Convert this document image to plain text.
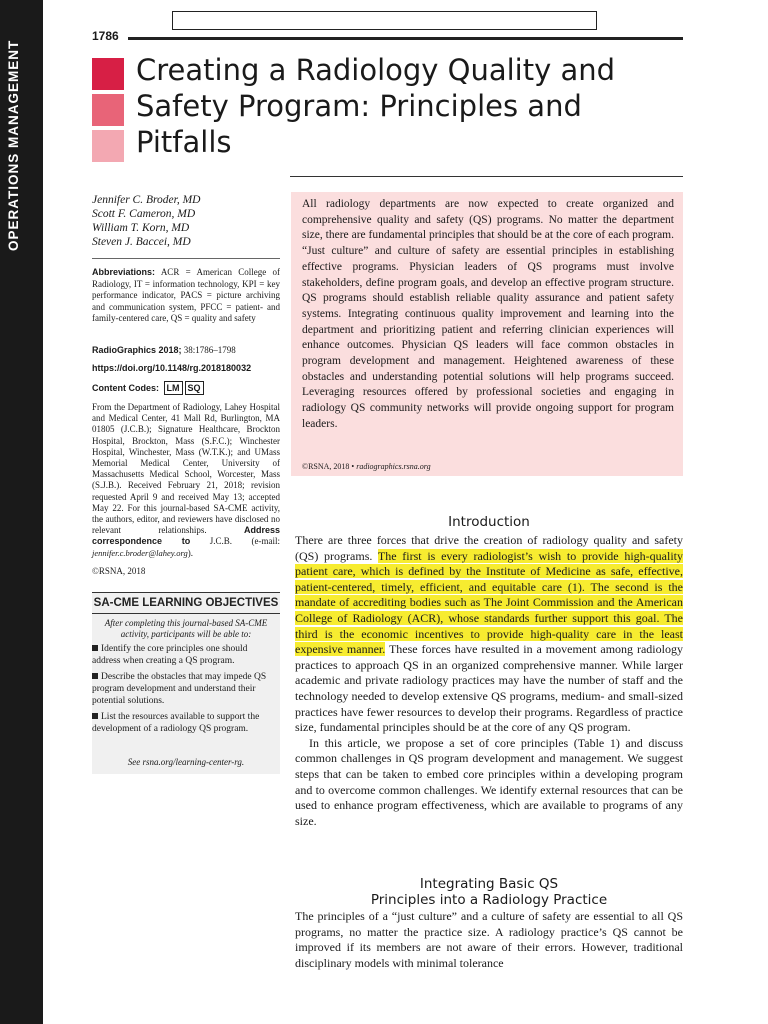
OPERATIONS MANAGEMENT
1786
Creating a Radiology Quality and Safety Program: Principles and Pitfalls
Jennifer C. Broder, MD
Scott F. Cameron, MD
William T. Korn, MD
Steven J. Baccei, MD
Abbreviations: ACR = American College of Radiology, IT = information technology, KPI = key performance indicator, PACS = picture archiving and communication system, PFCC = patient- and family-centered care, QS = quality and safety
RadioGraphics 2018; 38:1786–1798
https://doi.org/10.1148/rg.2018180032
Content Codes: LM SQ
From the Department of Radiology, Lahey Hospital and Medical Center, 41 Mall Rd, Burlington, MA 01805 (J.C.B.); Signature Healthcare, Brockton Hospital, Brockton, Mass (S.F.C.); Winchester Hospital, Winchester, Mass (W.T.K.); and UMass Memorial Medical Center, University of Massachusetts Medical School, Worcester, Mass (S.J.B.). Received February 21, 2018; revision requested April 9 and received May 13; accepted May 22. For this journal-based SA-CME activity, the authors, editor, and reviewers have disclosed no relevant relationships.	Address correspondence to J.C.B. (e-mail: jennifer.c.broder@lahey.org).
©RSNA, 2018
SA-CME LEARNING OBJECTIVES
After completing this journal-based SA-CME activity, participants will be able to:
Identify the core principles one should address when creating a QS program.
Describe the obstacles that may impede QS program development and understand their potential solutions.
List the resources available to support the development of a radiology QS program.
See rsna.org/learning-center-rg.

All radiology departments are now expected to create organized and comprehensive quality and safety (QS) programs. No matter the department size, there are fundamental principles that should be at the core of each program. “Just culture” and culture of safety are essential principles in establishing effective programs. Physician leaders of QS programs must involve stakeholders, define program goals, and develop an effective program structure. QS programs should establish reliable quality assurance and patient safety systems. Integrating continuous quality improvement and learning into the department and prioritizing patient and referring clinician experiences will enhance outcomes. Physician QS leaders will face common obstacles in program development and management. Heightened awareness of these obstacles and understanding potential solutions will help programs succeed. Leveraging resources offered by professional societies and engaging in radiology QS community networks will provide ongoing support for program leaders.

©RSNA, 2018 • radiographics.rsna.org
Introduction

There are three forces that drive the creation of radiology quality and safety (QS) programs. The first is every radiologist’s wish to provide high-quality patient care, which is defined by the Institute of Medicine as safe, effective, patient-centered, timely, efficient, and equitable care (1). The second is the mandate of accrediting bodies such as The Joint Commission and the American College of Radiology (ACR), whose standards further support this goal. The third is the economic incentives to provide high-quality care in the least expensive manner. These forces have resulted in a movement among radiology practices to approach QS in an organized comprehensive manner. While larger academic and private radiology practices may have the number of staff and the technology needed to develop extensive QS programs, medium- and small-sized practices have fewer resources to develop their programs. Regardless of practice size, fundamental principles should be at the core of any QS program.

In this article, we propose a set of core principles (Table 1) and discuss common challenges in QS program development and management. We suggest steps that can be taken to embed core principles within a developing program and to overcome common challenges. We identify external resources that can be used to enhance program effectiveness, which are available to programs of any size.

Integrating Basic QS
Principles into a Radiology Practice

The principles of a “just culture” and a culture of safety are essential to all QS programs, no matter the practice size. A radiology practice’s QS cannot be improved if its members are not aware of their errors. However, traditional disciplinary models with minimal tolerance
